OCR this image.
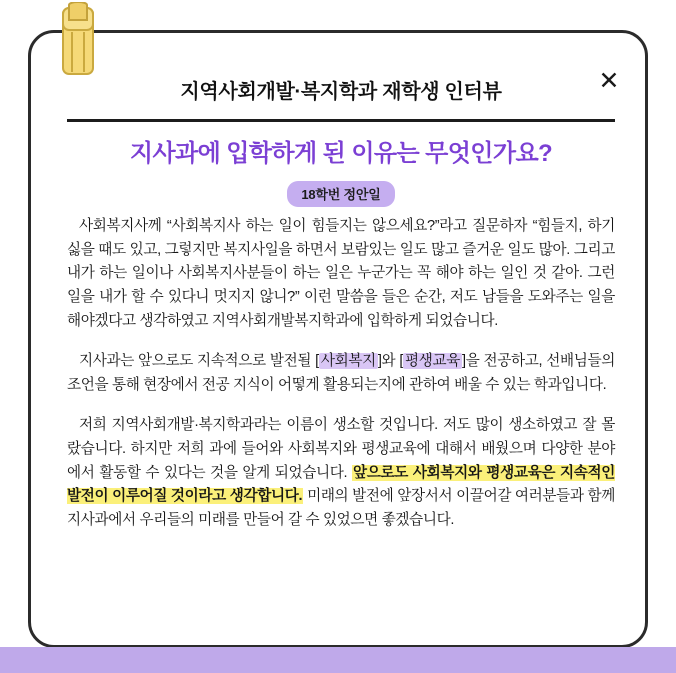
✕
지역사회개발·복지학과 재학생 인터뷰
지사과에 입학하게 된 이유는 무엇인가요?
18학번 정안일

사회복지사께 “사회복지사 하는 일이 힘들지는 않으세요?”라고 질문하자 “힘들지, 하기 싫을 때도 있고, 그렇지만 복지사일을 하면서 보람있는 일도 많고 즐거운 일도 많아. 그리고 내가 하는 일이나 사회복지사분들이 하는 일은 누군가는 꼭 해야 하는 일인 것 같아. 그런 일을 내가 할 수 있다니 멋지지 않니?” 이런 말씀을 들은 순간, 저도 남들을 도와주는 일을 해야겠다고 생각하였고 지역사회개발복지학과에 입학하게 되었습니다.

지사과는 앞으로도 지속적으로 발전될 [ 사회복지 ]와 [ 평생교육 ]을 전공하고, 선배님들의 조언을 통해 현장에서 전공 지식이 어떻게 활용되는지에 관하여 배울 수 있는 학과입니다.

저희 지역사회개발·복지학과라는 이름이 생소할 것입니다. 저도 많이 생소하였고 잘 몰랐습니다. 하지만 저희 과에 들어와 사회복지와 평생교육에 대해서 배웠으며 다양한 분야에서 활동할 수 있다는 것을 알게 되었습니다. 앞으로도 사회복지와 평생교육은 지속적인 발전이 이루어질 것이라고 생각합니다. 미래의 발전에 앞장서서 이끌어갈 여러분들과 함께 지사과에서 우리들의 미래를 만들어 갈 수 있었으면 좋겠습니다.
